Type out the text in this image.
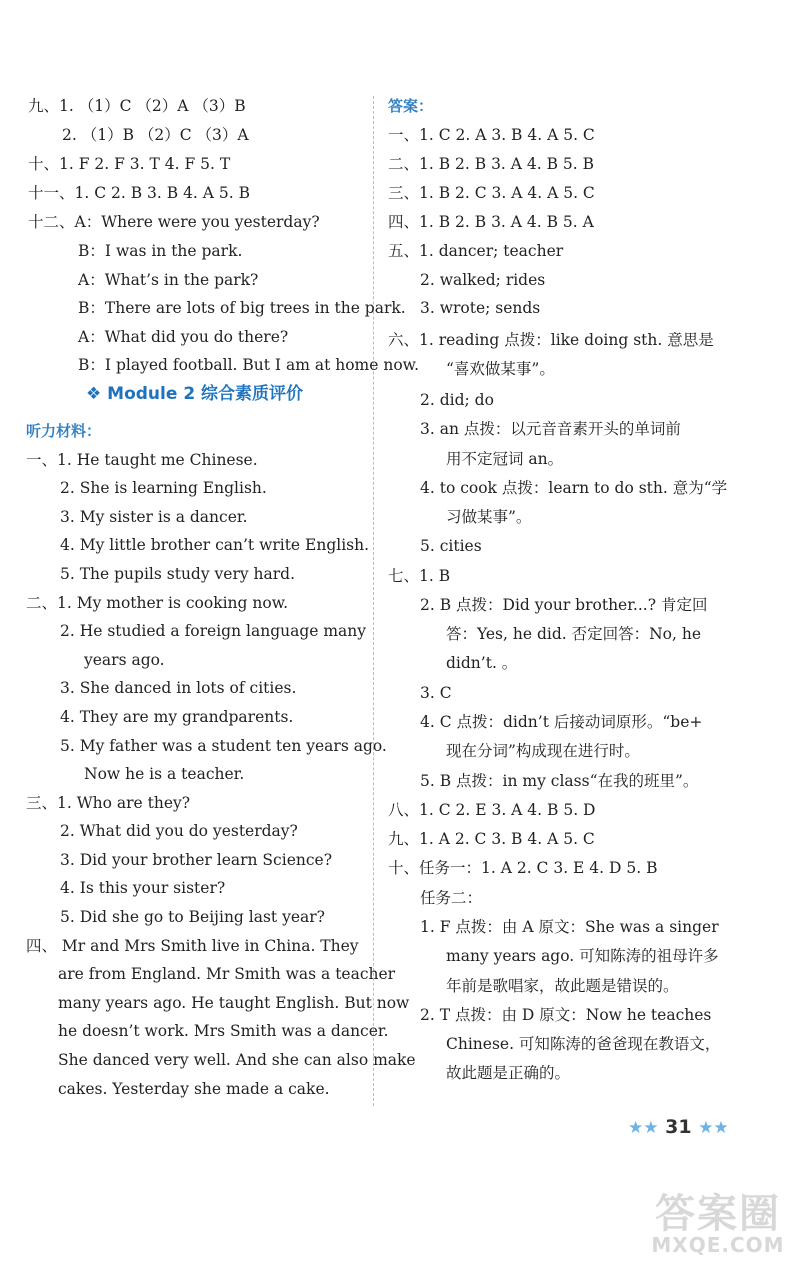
九、1. （1）C （2）A （3）B
2. （1）B （2）C （3）A
十、1. F 2. F 3. T 4. F 5. T
十一、1. C 2. B 3. B 4. A 5. B
十二、A：Where were you yesterday?
B：I was in the park.
A：What’s in the park?
B：There are lots of big trees in the park.
A：What did you do there?
B：I played football. But I am at home now.
❖ Module 2 综合素质评价
听力材料：
一、1. He taught me Chinese.
2. She is learning English.
3. My sister is a dancer.
4. My little brother can’t write English.
5. The pupils study very hard.
二、1. My mother is cooking now.
2. He studied a foreign language many
years ago.
3. She danced in lots of cities.
4. They are my grandparents.
5. My father was a student ten years ago.
Now he is a teacher.
三、1. Who are they?
2. What did you do yesterday?
3. Did your brother learn Science?
4. Is this your sister?
5. Did she go to Beijing last year?
四、 Mr and Mrs Smith live in China. They
are from England. Mr Smith was a teacher
many years ago. He taught English. But now
he doesn’t work. Mrs Smith was a dancer.
She danced very well. And she can also make
cakes. Yesterday she made a cake.
答案：
一、1. C 2. A 3. B 4. A 5. C
二、1. B 2. B 3. A 4. B 5. B
三、1. B 2. C 3. A 4. A 5. C
四、1. B 2. B 3. A 4. B 5. A
五、1. dancer; teacher
2. walked; rides
3. wrote; sends
六、1. reading 点拨：like doing sth. 意思是
“喜欢做某事”。
2. did; do
3. an 点拨：以元音音素开头的单词前
用不定冠词 an。
4. to cook 点拨：learn to do sth. 意为“学
习做某事”。
5. cities
七、1. B
2. B 点拨：Did your brother...? 肯定回
答：Yes, he did. 否定回答：No, he
didn’t. 。
3. C
4. C 点拨：didn’t 后接动词原形。“be+
现在分词”构成现在进行时。
5. B 点拨：in my class“在我的班里”。
八、1. C 2. E 3. A 4. B 5. D
九、1. A 2. C 3. B 4. A 5. C
十、任务一：1. A 2. C 3. E 4. D 5. B
任务二：
1. F 点拨：由 A 原文：She was a singer
many years ago. 可知陈涛的祖母许多
年前是歌唱家，故此题是错误的。
2. T 点拨：由 D 原文：Now he teaches
Chinese. 可知陈涛的爸爸现在教语文，
故此题是正确的。
★★ 31 ★★
答案圈
MXQE.COM
